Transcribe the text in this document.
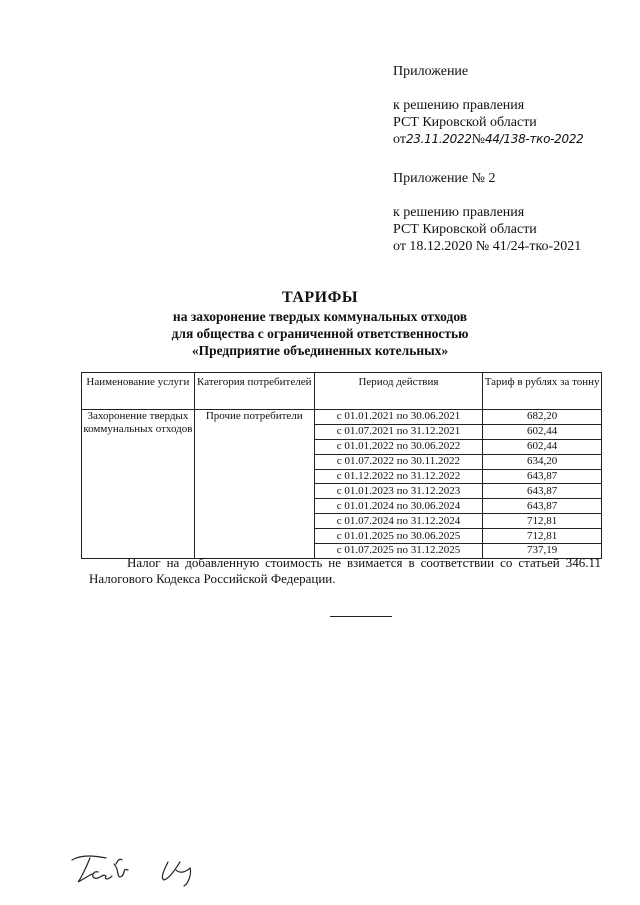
Приложение
к решению правления
РСТ Кировской области
от23.11.2022№44/138-тко-2022
Приложение № 2
к решению правления
РСТ Кировской области
от 18.12.2020 № 41/24-тко-2021
ТАРИФЫ
на захоронение твердых коммунальных отходов
для общества с ограниченной ответственностью
«Предприятие объединенных котельных»
Наименование услуги	Категория потребителей	Период действия	Тариф в рублях за тонну
Захоронение твердых коммунальных отходов	Прочие потребители	с 01.01.2021 по 30.06.2021	682,20
		с 01.07.2021 по 31.12.2021	602,44
		с 01.01.2022 по 30.06.2022	602,44
		с 01.07.2022 по 30.11.2022	634,20
		с 01.12.2022 по 31.12.2022	643,87
		с 01.01.2023 по 31.12.2023	643,87
		с 01.01.2024 по 30.06.2024	643,87
		с 01.07.2024 по 31.12.2024	712,81
		с 01.01.2025 по 30.06.2025	712,81
		с 01.07.2025 по 31.12.2025	737,19
Налог на добавленную стоимость не взимается в соответствии со статьей 346.11 Налогового Кодекса Российской Федерации.
